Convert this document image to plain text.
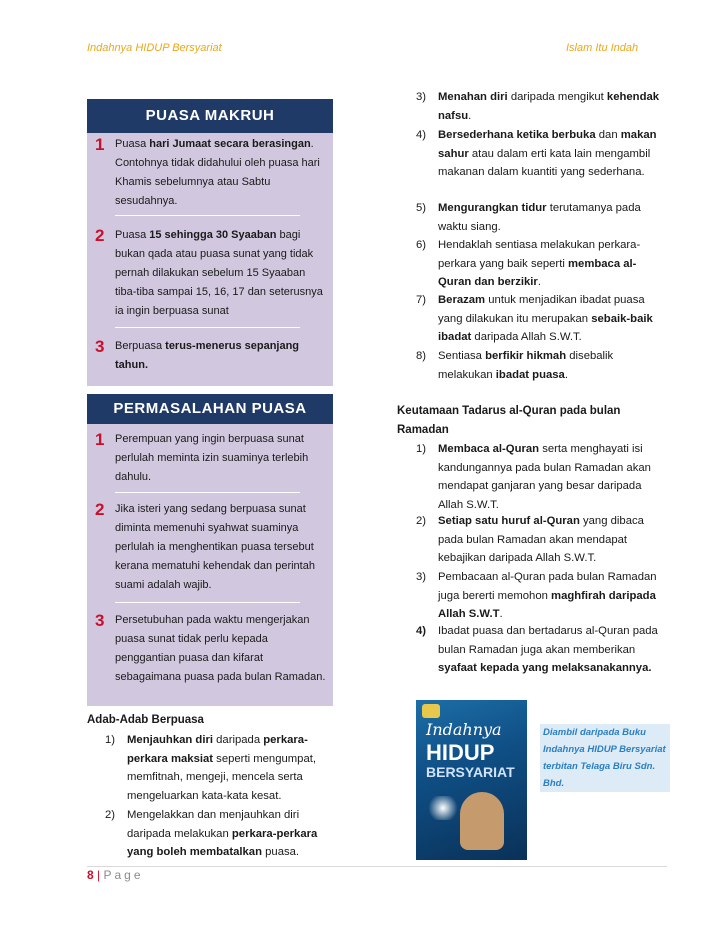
Indahnya HIDUP Bersyariat	Islam Itu Indah
PUASA MAKRUH
1 Puasa hari Jumaat secara berasingan. Contohnya tidak didahului oleh puasa hari Khamis sebelumnya atau Sabtu sesudahnya.
2 Puasa 15 sehingga 30 Syaaban bagi bukan qada atau puasa sunat yang tidak pernah dilakukan sebelum 15 Syaaban tiba-tiba sampai 15, 16, 17 dan seterusnya ia ingin berpuasa sunat
3 Berpuasa terus-menerus sepanjang tahun.
PERMASALAHAN PUASA
1 Perempuan yang ingin berpuasa sunat perlulah meminta izin suaminya terlebih dahulu.
2 Jika isteri yang sedang berpuasa sunat diminta memenuhi syahwat suaminya perlulah ia menghentikan puasa tersebut kerana mematuhi kehendak dan perintah suami adalah wajib.
3 Persetubuhan pada waktu mengerjakan puasa sunat tidak perlu kepada penggantian puasa dan kifarat sebagaimana puasa pada bulan Ramadan.
Adab-Adab Berpuasa
1) Menjauhkan diri daripada perkara-perkara maksiat seperti mengumpat, memfitnah, mengeji, mencela serta mengeluarkan kata-kata kesat.
2) Mengelakkan dan menjauhkan diri daripada melakukan perkara-perkara yang boleh membatalkan puasa.
3) Menahan diri daripada mengikut kehendak nafsu.
4) Bersederhana ketika berbuka dan makan sahur atau dalam erti kata lain mengambil makanan dalam kuantiti yang sederhana.
5) Mengurangkan tidur terutamanya pada waktu siang.
6) Hendaklah sentiasa melakukan perkara-perkara yang baik seperti membaca al-Quran dan berzikir.
7) Berazam untuk menjadikan ibadat puasa yang dilakukan itu merupakan sebaik-baik ibadat daripada Allah S.W.T.
8) Sentiasa berfikir hikmah disebalik melakukan ibadat puasa.
Keutamaan Tadarus al-Quran pada bulan Ramadan
1) Membaca al-Quran serta menghayati isi kandungannya pada bulan Ramadan akan mendapat ganjaran yang besar daripada Allah S.W.T.
2) Setiap satu huruf al-Quran yang dibaca pada bulan Ramadan akan mendapat kebajikan daripada Allah S.W.T.
3) Pembacaan al-Quran pada bulan Ramadan juga bererti memohon maghfirah daripada Allah S.W.T.
4) Ibadat puasa dan bertadarus al-Quran pada bulan Ramadan juga akan memberikan syafaat kepada yang melaksanakannya.
Indahnya
HIDUP
BERSYARIAT
Diambil daripada Buku Indahnya HIDUP Bersyariat terbitan Telaga Biru Sdn. Bhd.
8 | Page
